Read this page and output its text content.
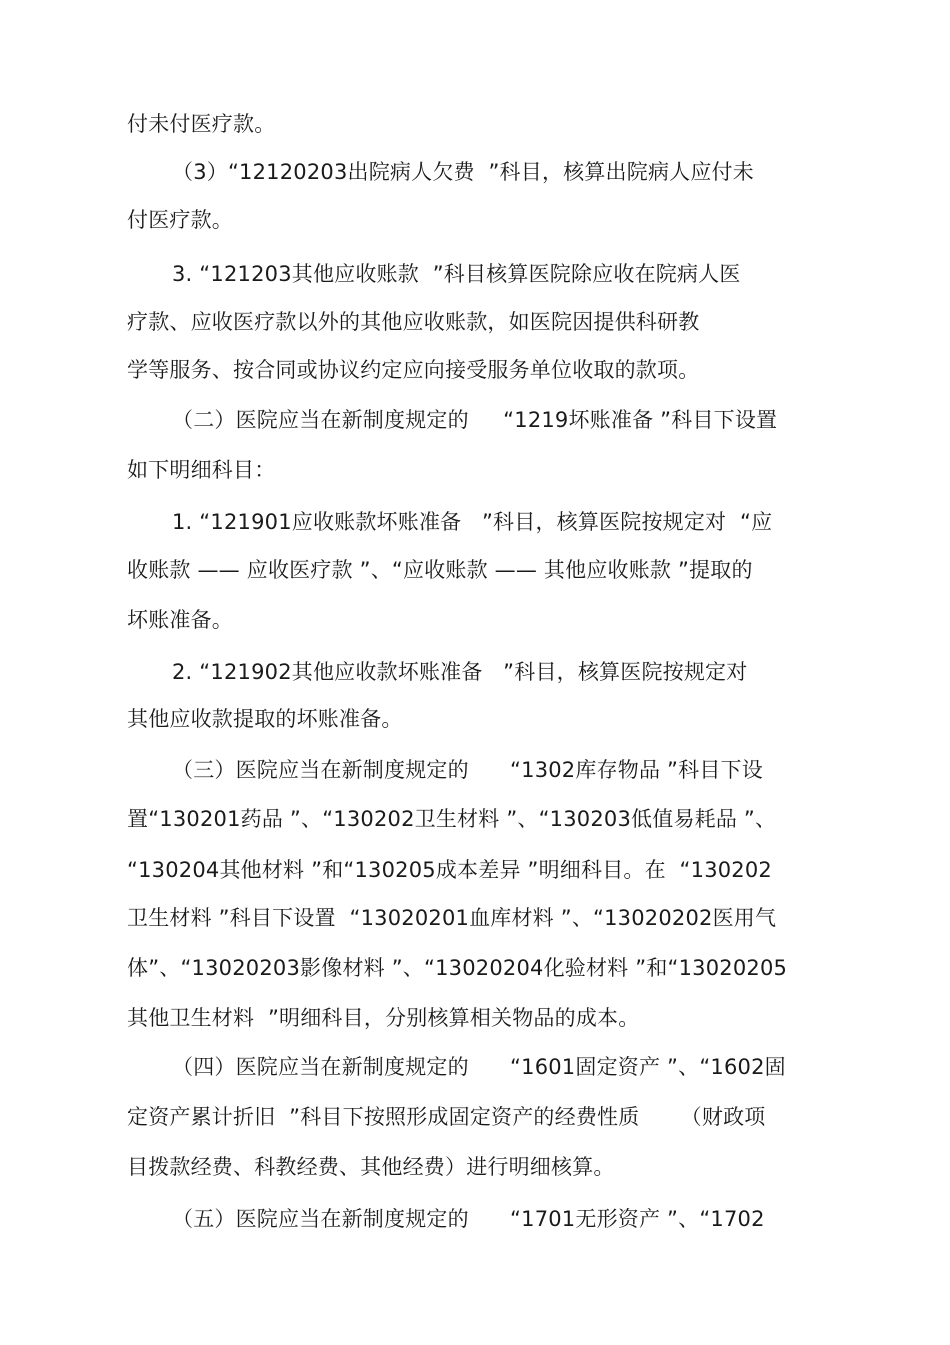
付未付医疗款。
（3）“12120203出院病人欠费  ”科目，核算出院病人应付未
付医疗款。
3. “121203其他应收账款  ”科目核算医院除应收在院病人医
疗款、应收医疗款以外的其他应收账款，如医院因提供科研教
学等服务、按合同或协议约定应向接受服务单位收取的款项。
（二）医院应当在新制度规定的     “1219坏账准备 ”科目下设置
如下明细科目：
1. “121901应收账款坏账准备   ”科目，核算医院按规定对  “应
收账款 —— 应收医疗款 ”、“应收账款 —— 其他应收账款 ”提取的
坏账准备。
2. “121902其他应收款坏账准备   ”科目，核算医院按规定对
其他应收款提取的坏账准备。
（三）医院应当在新制度规定的      “1302库存物品 ”科目下设
置“130201药品 ”、“130202卫生材料 ”、“130203低值易耗品 ”、
“130204其他材料 ”和“130205成本差异 ”明细科目。在  “130202
卫生材料 ”科目下设置  “13020201血库材料 ”、“13020202医用气
体”、“13020203影像材料 ”、“13020204化验材料 ”和“13020205
其他卫生材料  ”明细科目，分别核算相关物品的成本。
（四）医院应当在新制度规定的      “1601固定资产 ”、“1602固
定资产累计折旧  ”科目下按照形成固定资产的经费性质      （财政项
目拨款经费、科教经费、其他经费）进行明细核算。
（五）医院应当在新制度规定的      “1701无形资产 ”、“1702
